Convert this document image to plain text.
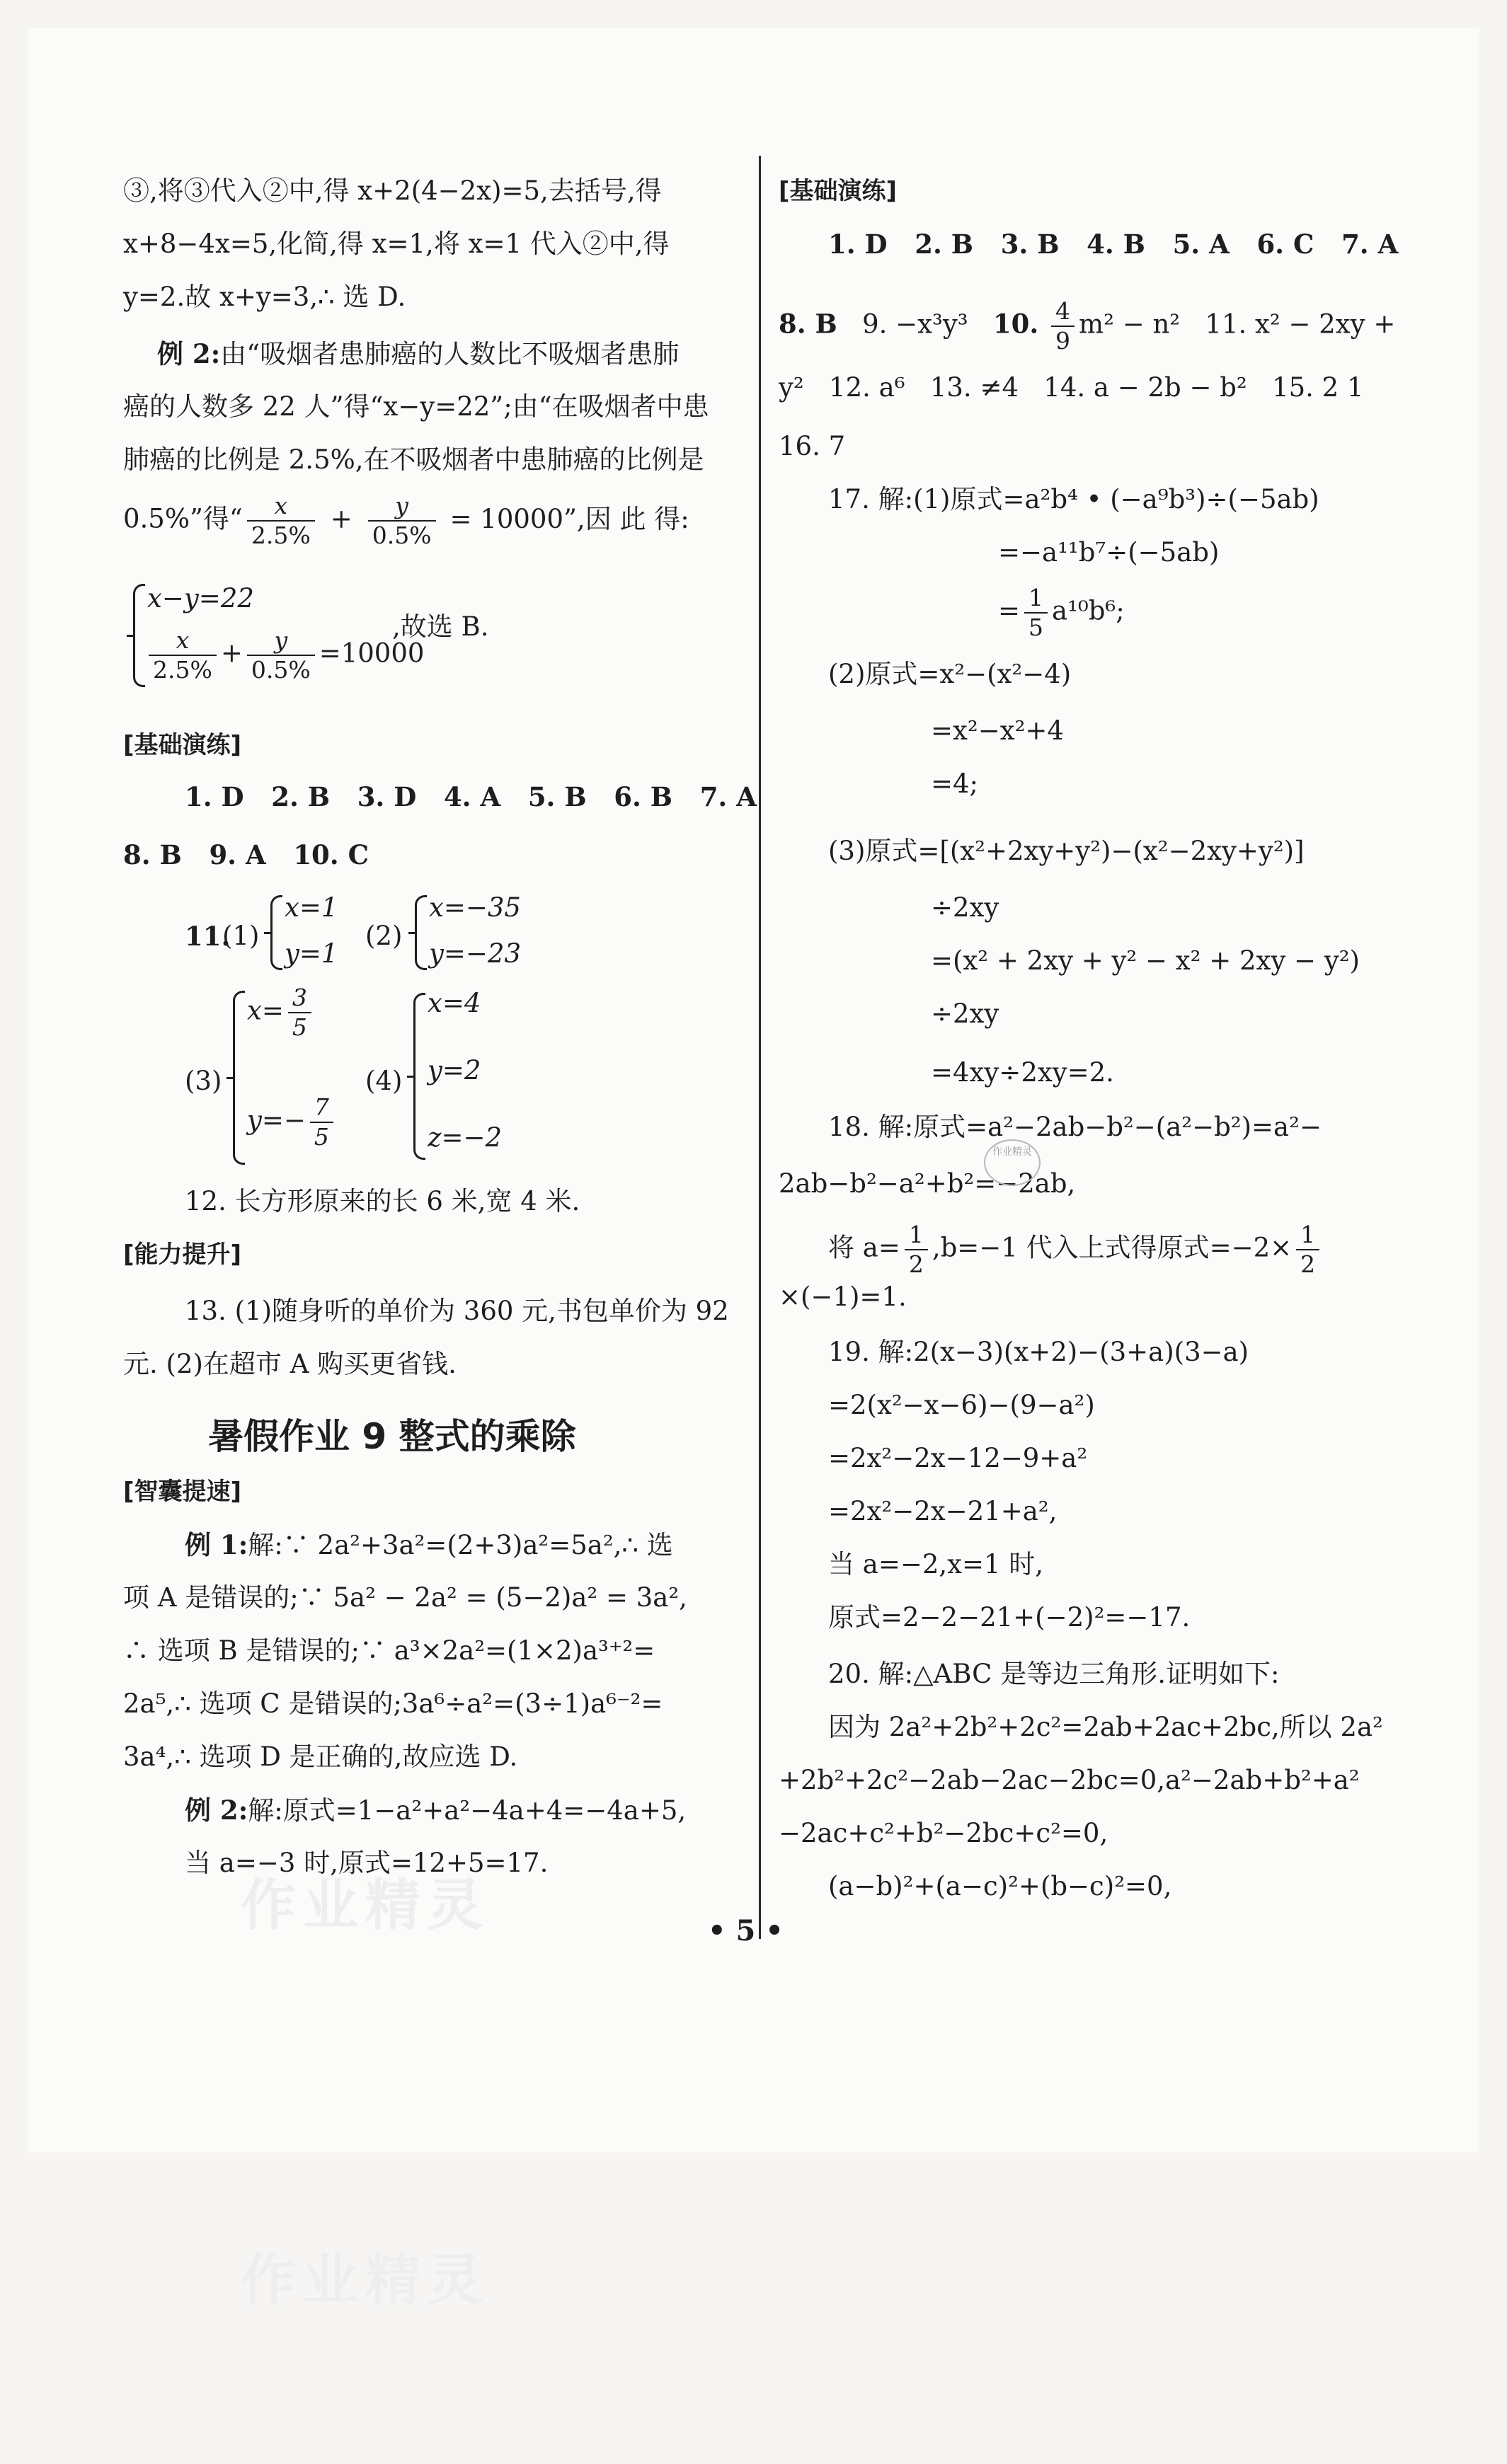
③,将③代入②中,得 x+2(4−2x)=5,去括号,得
x+8−4x=5,化简,得 x=1,将 x=1 代入②中,得
y=2.故 x+y=3,∴ 选 D.
例 2:由“吸烟者患肺癌的人数比不吸烟者患肺
癌的人数多 22 人”得“x−y=22”;由“在吸烟者中患
肺癌的比例是 2.5%,在不吸烟者中患肺癌的比例是
0.5%”得“ $\frac{x}{2.5\%} + \frac{y}{0.5\%} = 10000$”,因 此 得:
x−y=22
$\frac{x}{2.5\%} + \frac{y}{0.5\%} =10000$
,故选 B.
[基础演练]
1. D 2. B 3. D 4. A 5. B 6. B 7. A
8. B 9. A 10. C
11.
(1)
x=1
y=1
(2)
x=−35
y=−23
(3)
$x= \frac{3}{5}$
$y=- \frac{7}{5}$
(4)
x=4
y=2
z=−2
12. 长方形原来的长 6 米,宽 4 米.
[能力提升]
13. (1)随身听的单价为 360 元,书包单价为 92
元. (2)在超市 A 购买更省钱.
暑假作业 9 整式的乘除
[智囊提速]
例 1:解:∵ 2a²+3a²=(2+3)a²=5a²,∴ 选
项 A 是错误的;∵ 5a² − 2a² = (5−2)a² = 3a²,
∴ 选项 B 是错误的;∵ a³×2a²=(1×2)a³⁺²=
2a⁵,∴ 选项 C 是错误的;3a⁶÷a²=(3÷1)a⁶⁻²=
3a⁴,∴ 选项 D 是正确的,故应选 D.
例 2:解:原式=1−a²+a²−4a+4=−4a+5,
当 a=−3 时,原式=12+5=17.
[基础演练]
1. D 2. B 3. B 4. B 5. A 6. C 7. A
8. B 9. −x³y³ 10. $\frac{4}{9} m^2 - n^2$ 11. x² − 2xy +
y² 12. a⁶ 13. ≠4 14. a − 2b − b² 15. 2 1
16. 7
17. 解:(1)原式=a²b⁴ • (−a⁹b³)÷(−5ab)
=−a¹¹b⁷÷(−5ab)
= $\frac{1}{5} a^{10}b^6$;
(2)原式=x²−(x²−4)
=x²−x²+4
=4;
(3)原式=[(x²+2xy+y²)−(x²−2xy+y²)]
÷2xy
=(x² + 2xy + y² − x² + 2xy − y²)
÷2xy
=4xy÷2xy=2.
18. 解:原式=a²−2ab−b²−(a²−b²)=a²−
2ab−b²−a²+b²=−2ab,
将 $a= \frac{1}{2} ,b=-1$ 代入上式得原式$=-2\times \frac{1}{2}$
×(−1)=1.
19. 解:2(x−3)(x+2)−(3+a)(3−a)
=2(x²−x−6)−(9−a²)
=2x²−2x−12−9+a²
=2x²−2x−21+a²,
当 a=−2,x=1 时,
原式=2−2−21+(−2)²=−17.
20. 解:△ABC 是等边三角形.证明如下:
因为 2a²+2b²+2c²=2ab+2ac+2bc,所以 2a²
+2b²+2c²−2ab−2ac−2bc=0,a²−2ab+b²+a²
−2ac+c²+b²−2bc+c²=0,
(a−b)²+(a−c)²+(b−c)²=0,
作业精灵
作业精灵
作业精灵
• 5 •
